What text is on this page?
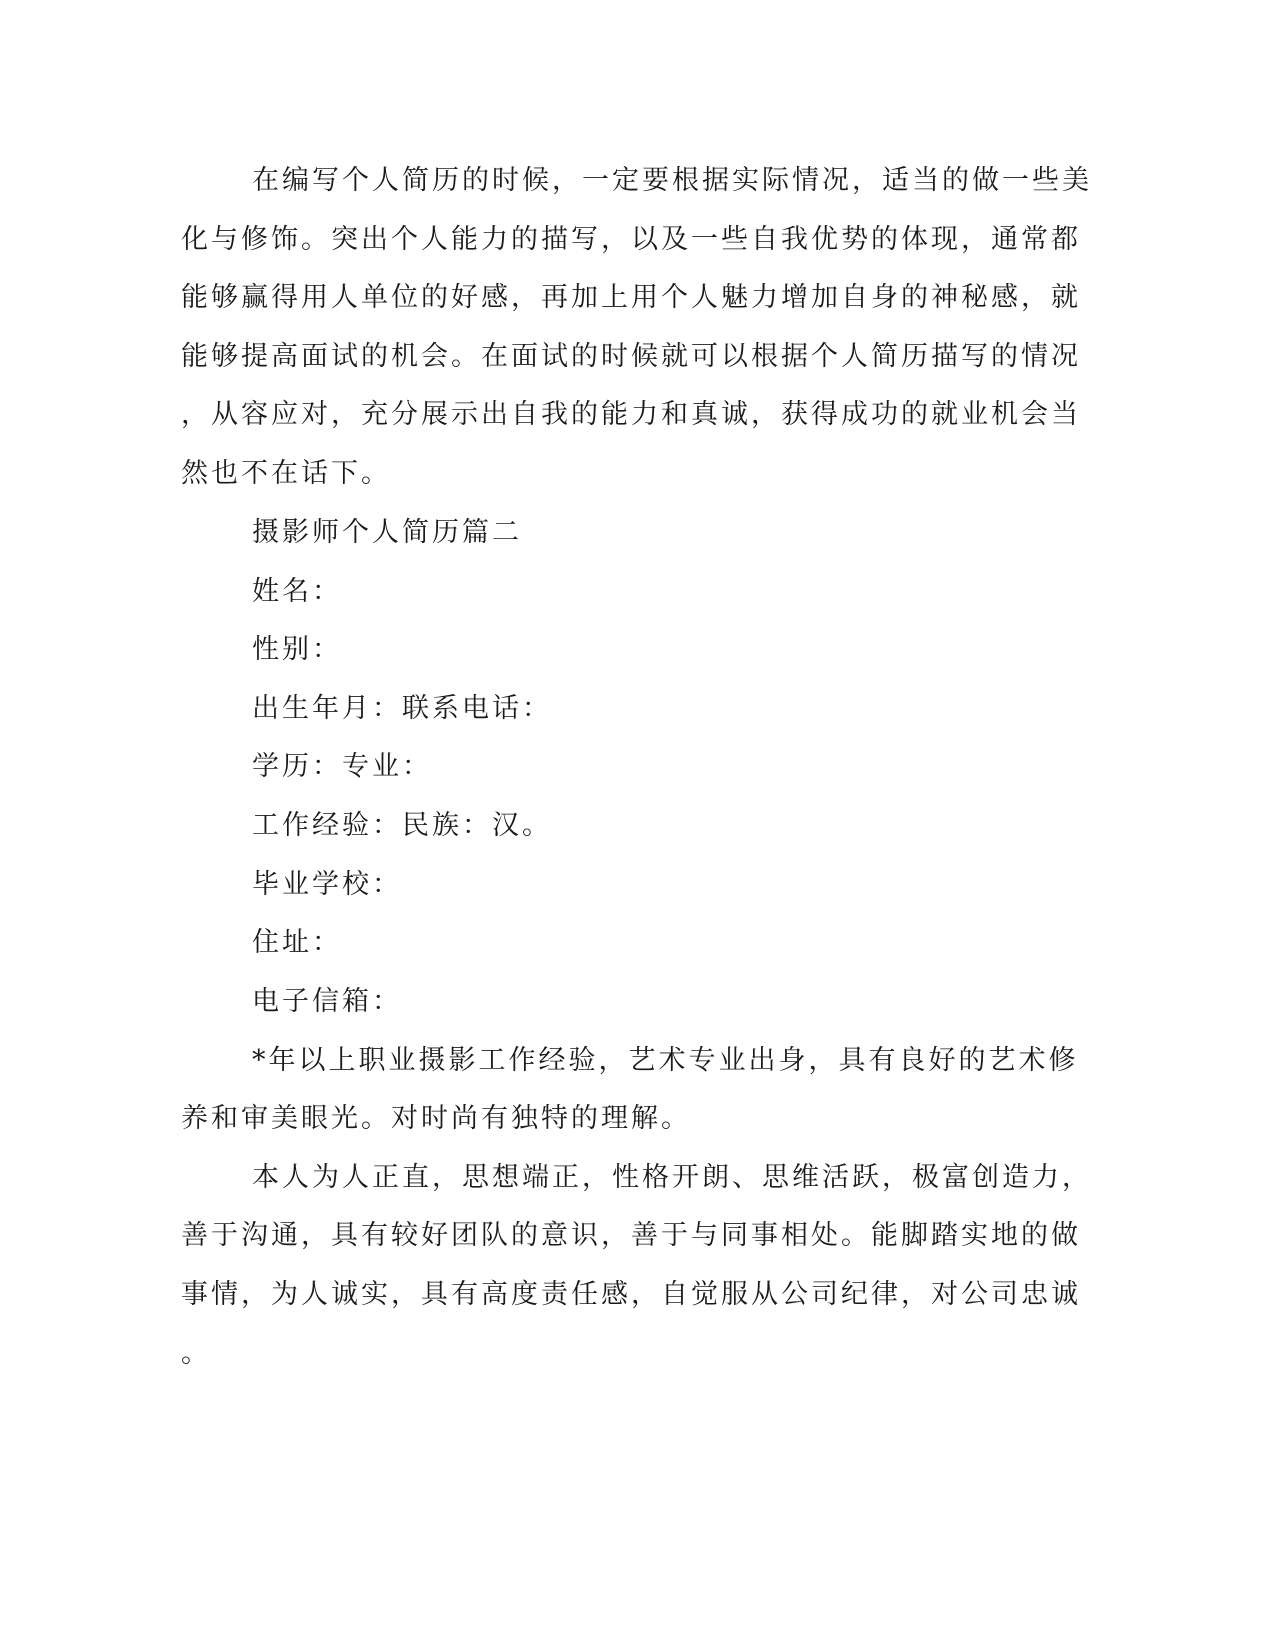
在编写个人简历的时候，一定要根据实际情况，适当的做一些美
化与修饰。突出个人能力的描写，以及一些自我优势的体现，通常都
能够赢得用人单位的好感，再加上用个人魅力增加自身的神秘感，就
能够提高面试的机会。在面试的时候就可以根据个人简历描写的情况
，从容应对，充分展示出自我的能力和真诚，获得成功的就业机会当
然也不在话下。
摄影师个人简历篇二
姓名：
性别：
出生年月：联系电话：
学历：专业：
工作经验：民族：汉。
毕业学校：
住址：
电子信箱：
*年以上职业摄影工作经验，艺术专业出身，具有良好的艺术修
养和审美眼光。对时尚有独特的理解。
本人为人正直，思想端正，性格开朗、思维活跃，极富创造力，
善于沟通，具有较好团队的意识，善于与同事相处。能脚踏实地的做
事情，为人诚实，具有高度责任感，自觉服从公司纪律，对公司忠诚
。
